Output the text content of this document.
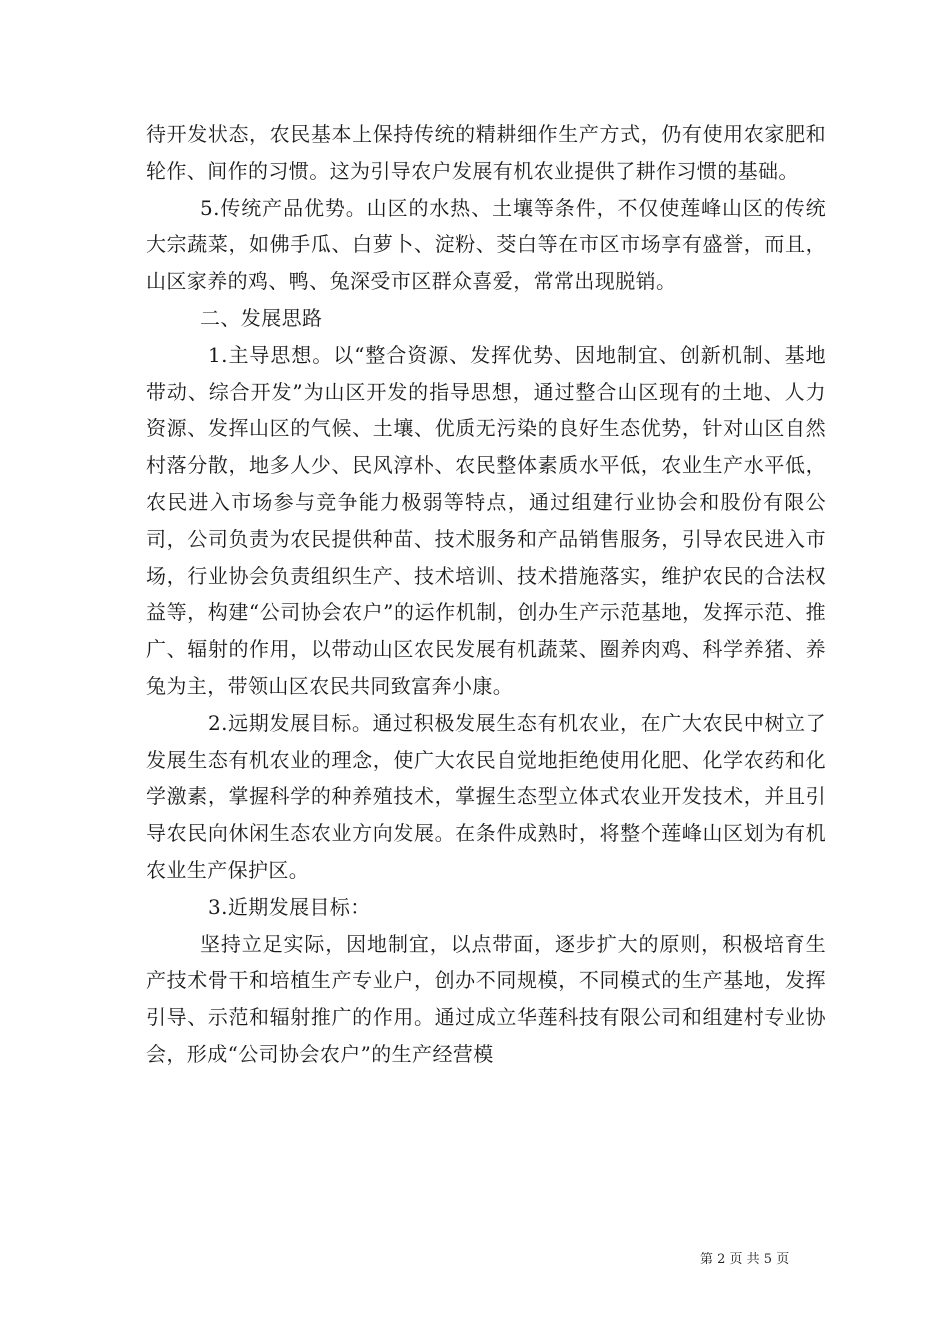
待开发状态，农民基本上保持传统的精耕细作生产方式，仍有使用农家肥和轮作、间作的习惯。这为引导农户发展有机农业提供了耕作习惯的基础。

5.传统产品优势。山区的水热、土壤等条件，不仅使莲峰山区的传统大宗蔬菜，如佛手瓜、白萝卜、淀粉、茭白等在市区市场享有盛誉，而且，山区家养的鸡、鸭、兔深受市区群众喜爱，常常出现脱销。

二、发展思路

1.主导思想。以“整合资源、发挥优势、因地制宜、创新机制、基地带动、综合开发”为山区开发的指导思想，通过整合山区现有的土地、人力资源、发挥山区的气候、土壤、优质无污染的良好生态优势，针对山区自然村落分散，地多人少、民风淳朴、农民整体素质水平低，农业生产水平低，农民进入市场参与竞争能力极弱等特点，通过组建行业协会和股份有限公司，公司负责为农民提供种苗、技术服务和产品销售服务，引导农民进入市场，行业协会负责组织生产、技术培训、技术措施落实，维护农民的合法权益等，构建“公司协会农户”的运作机制，创办生产示范基地，发挥示范、推广、辐射的作用，以带动山区农民发展有机蔬菜、圈养肉鸡、科学养猪、养兔为主，带领山区农民共同致富奔小康。

2.远期发展目标。通过积极发展生态有机农业，在广大农民中树立了发展生态有机农业的理念，使广大农民自觉地拒绝使用化肥、化学农药和化学激素，掌握科学的种养殖技术，掌握生态型立体式农业开发技术，并且引导农民向休闲生态农业方向发展。在条件成熟时，将整个莲峰山区划为有机农业生产保护区。

3.近期发展目标：

坚持立足实际，因地制宜，以点带面，逐步扩大的原则，积极培育生产技术骨干和培植生产专业户，创办不同规模，不同模式的生产基地，发挥引导、示范和辐射推广的作用。通过成立华莲科技有限公司和组建村专业协会，形成“公司协会农户”的生产经营模

第 2 页 共 5 页
